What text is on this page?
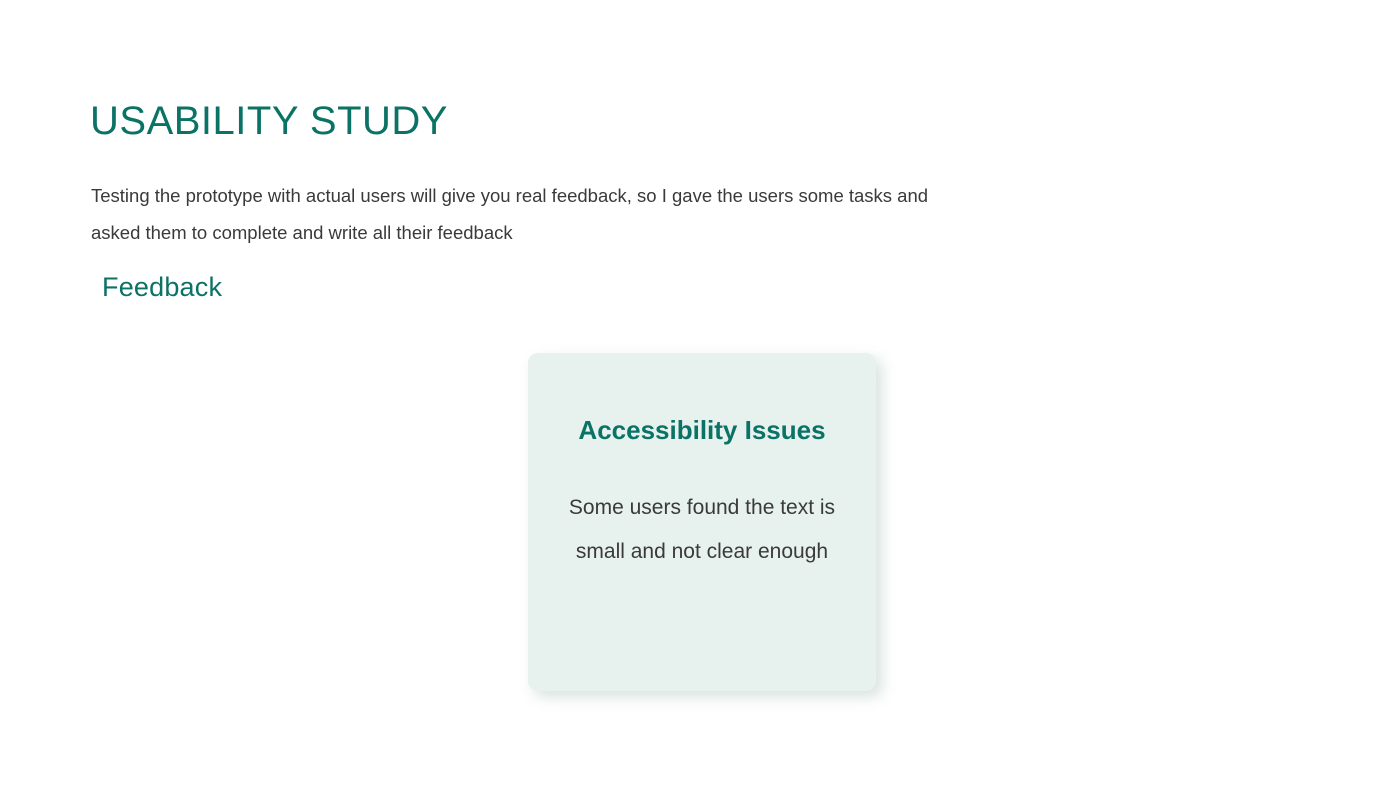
USABILITY STUDY

Testing the prototype with actual users will give you real feedback, so I gave the users some tasks and asked them to complete and write all their feedback

Feedback
Accessibility Issues
Some users found the text is small and not clear enough
